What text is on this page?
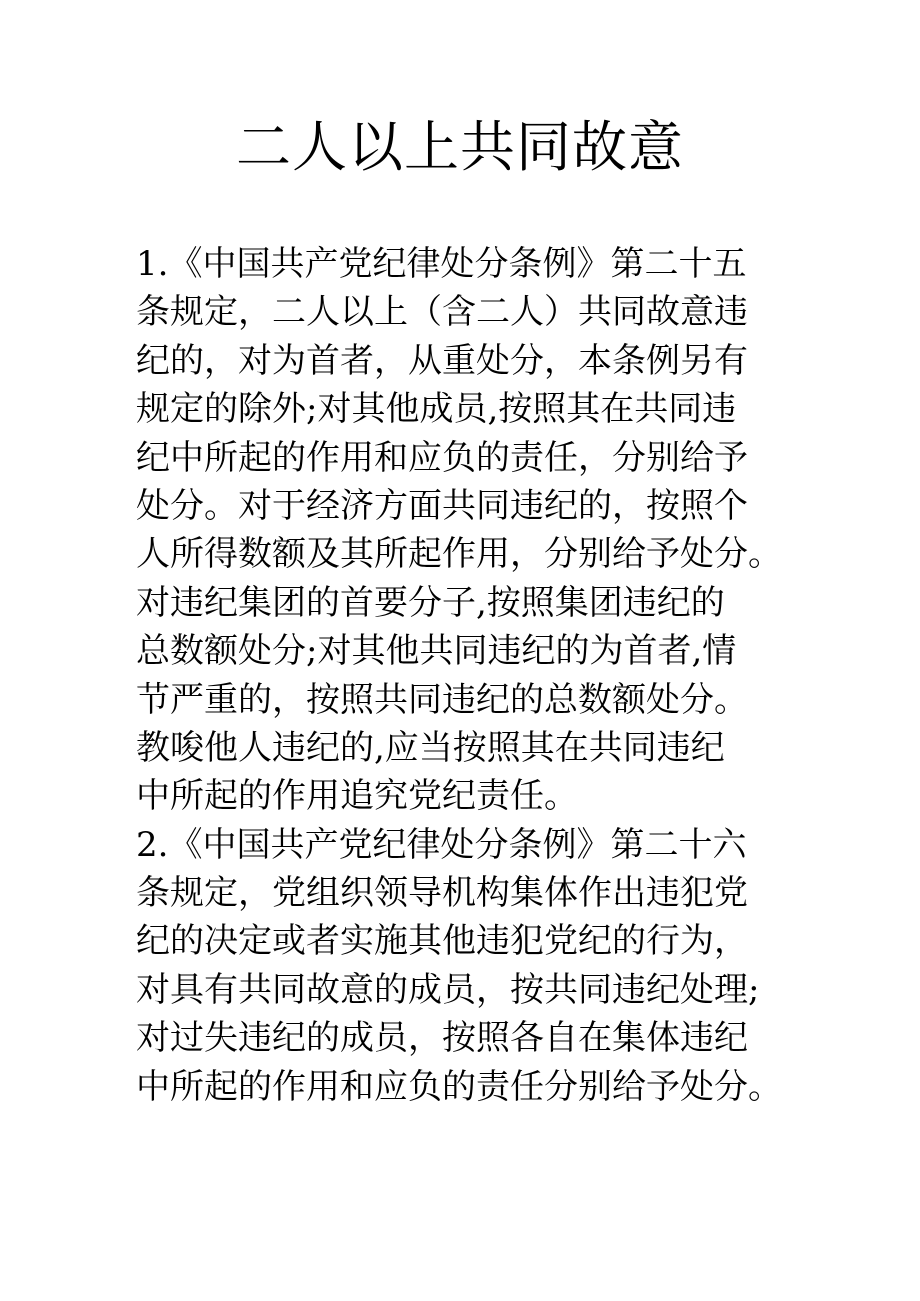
二人以上共同故意
1.《中国共产党纪律处分条例》第二十五
条规定，二人以上（含二人）共同故意违
纪的，对为首者，从重处分，本条例另有
规定的除外;对其他成员,按照其在共同违
纪中所起的作用和应负的责任，分别给予
处分。对于经济方面共同违纪的，按照个
人所得数额及其所起作用，分别给予处分。
对违纪集团的首要分子,按照集团违纪的
总数额处分;对其他共同违纪的为首者,情
节严重的，按照共同违纪的总数额处分。
教唆他人违纪的,应当按照其在共同违纪
中所起的作用追究党纪责任。
2.《中国共产党纪律处分条例》第二十六
条规定，党组织领导机构集体作出违犯党
纪的决定或者实施其他违犯党纪的行为，
对具有共同故意的成员，按共同违纪处理;
对过失违纪的成员，按照各自在集体违纪
中所起的作用和应负的责任分别给予处分。
